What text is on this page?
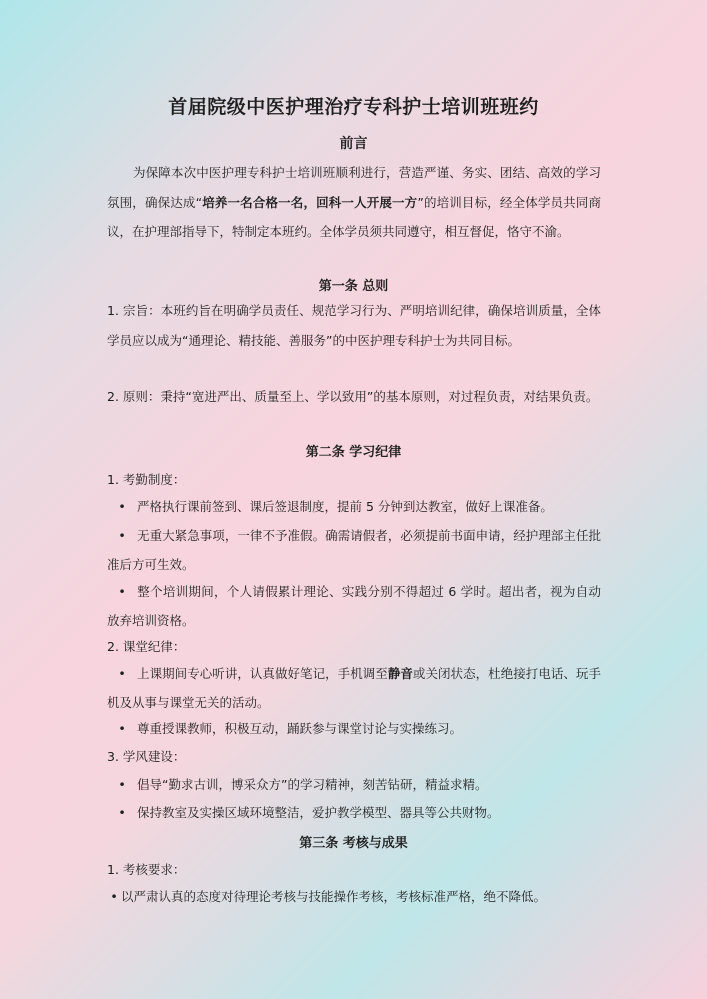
首届院级中医护理治疗专科护士培训班班约
前言
为保障本次中医护理专科护士培训班顺利进行，营造严谨、务实、团结、高效的学习氛围，确保达成“培养一名合格一名，回科一人开展一方”的培训目标，经全体学员共同商议，在护理部指导下，特制定本班约。全体学员须共同遵守，相互督促，恪守不渝。
第一条 总则
1. 宗旨：本班约旨在明确学员责任、规范学习行为、严明培训纪律，确保培训质量，全体学员应以成为“通理论、精技能、善服务”的中医护理专科护士为共同目标。
2. 原则：秉持“宽进严出、质量至上、学以致用”的基本原则，对过程负责，对结果负责。
第二条 学习纪律
1. 考勤制度：
• 严格执行课前签到、课后签退制度，提前 5 分钟到达教室，做好上课准备。
• 无重大紧急事项，一律不予准假。确需请假者，必须提前书面申请，经护理部主任批准后方可生效。
• 整个培训期间，个人请假累计理论、实践分别不得超过 6 学时。超出者，视为自动放弃培训资格。
2. 课堂纪律：
• 上课期间专心听讲，认真做好笔记，手机调至静音或关闭状态，杜绝接打电话、玩手机及从事与课堂无关的活动。
• 尊重授课教师，积极互动，踊跃参与课堂讨论与实操练习。
3. 学风建设：
• 倡导“勤求古训，博采众方”的学习精神，刻苦钻研，精益求精。
• 保持教室及实操区域环境整洁，爱护教学模型、器具等公共财物。
第三条 考核与成果
1. 考核要求：
• 以严肃认真的态度对待理论考核与技能操作考核，考核标准严格，绝不降低。
